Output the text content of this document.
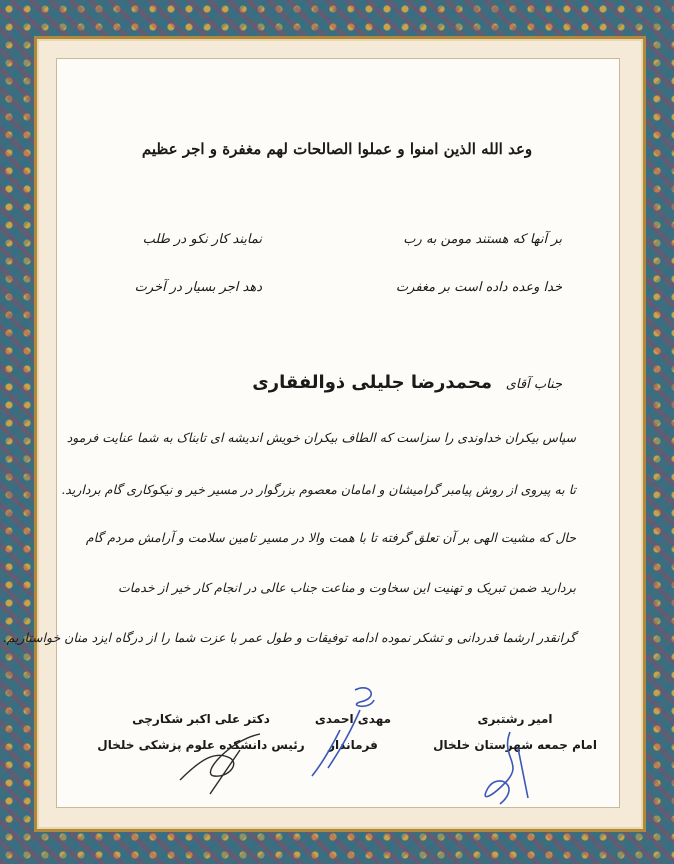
وعد الله الذين امنوا و عملوا الصالحات لهم مغفرة و اجر عظيم
بر آنها که هستند مومن به رب
نمایند کار نکو در طلب
خدا وعده داده است بر مغفرت
دهد اجر بسیار در آخرت
جناب آقای محمدرضا جلیلی ذوالفقاری
سپاس بیکران خداوندی را سزاست که الطاف بیکران خویش اندیشه ای تابناک به شما عنایت فرمود
تا به پیروی از روش پیامبر گرامیشان و امامان معصوم بزرگوار در مسیر خیر و نیکوکاری گام بردارید.
حال که مشیت الهی بر آن تعلق گرفته تا با همت والا در مسیر تامین سلامت و آرامش مردم گام
بردارید ضمن تبریک و تهنیت این سخاوت و مناعت جناب عالی در انجام کار خیر از خدمات
گرانقدر ارشما قدردانی و تشکر نموده ادامه توفیقات و طول عمر با عزت شما را از درگاه ایزد منان خواستاریم.
امیر رشتبری
امام جمعه شهرستان خلخال
مهدی احمدی
فرماندار
دکتر علی اکبر شکارچی
رئیس دانشکده علوم پزشکی خلخال
